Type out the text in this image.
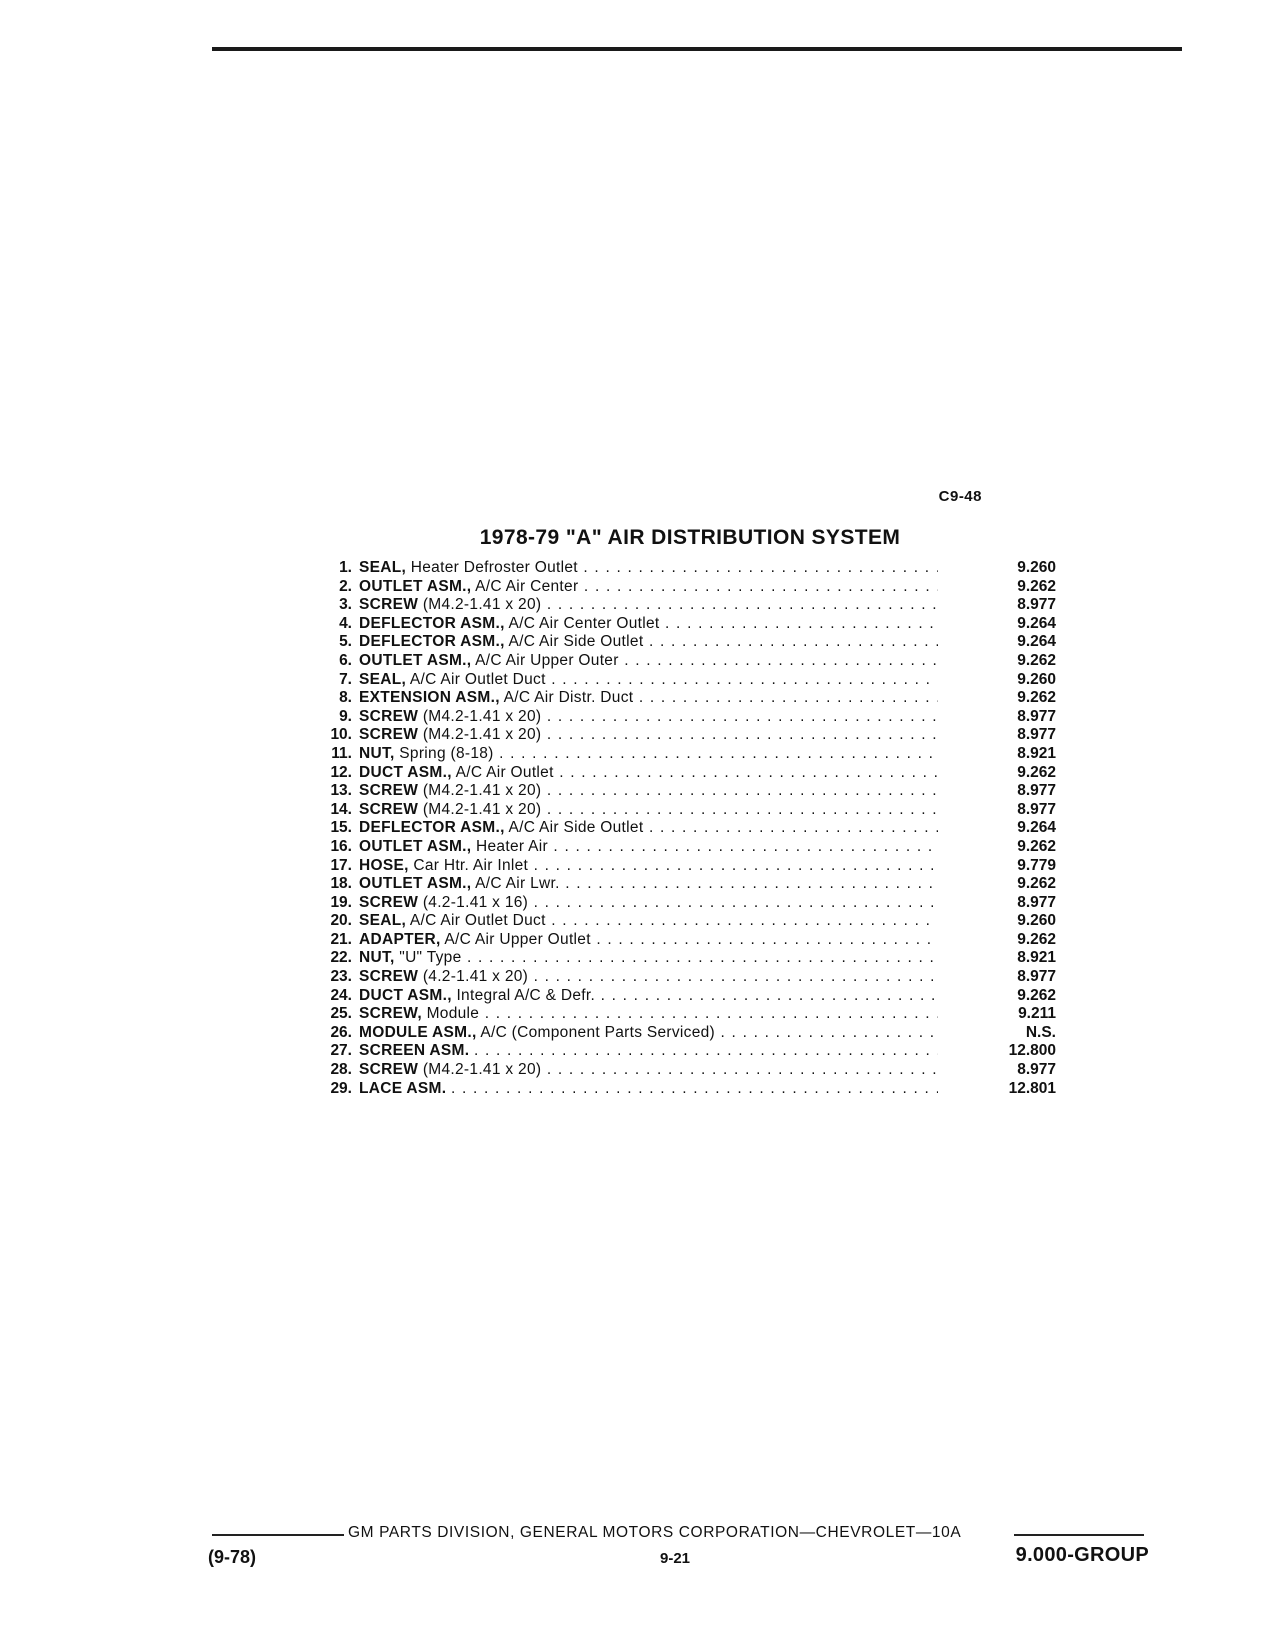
C9-48
1978-79 "A" AIR DISTRIBUTION SYSTEM
1. SEAL, Heater Defroster Outlet . . .	9.260
2. OUTLET ASM., A/C Air Center . . .	9.262
3. SCREW (M4.2-1.41 x 20) . . .	8.977
4. DEFLECTOR ASM., A/C Air Center Outlet . . .	9.264
5. DEFLECTOR ASM., A/C Air Side Outlet . . .	9.264
6. OUTLET ASM., A/C Air Upper Outer . . .	9.262
7. SEAL, A/C Air Outlet Duct . . .	9.260
8. EXTENSION ASM., A/C Air Distr. Duct . . .	9.262
9. SCREW (M4.2-1.41 x 20) . . .	8.977
10. SCREW (M4.2-1.41 x 20) . . .	8.977
11. NUT, Spring (8-18) . . .	8.921
12. DUCT ASM., A/C Air Outlet . . .	9.262
13. SCREW (M4.2-1.41 x 20) . . .	8.977
14. SCREW (M4.2-1.41 x 20) . . .	8.977
15. DEFLECTOR ASM., A/C Air Side Outlet . . .	9.264
16. OUTLET ASM., Heater Air . . .	9.262
17. HOSE, Car Htr. Air Inlet . . .	9.779
18. OUTLET ASM., A/C Air Lwr. . . .	9.262
19. SCREW (4.2-1.41 x 16) . . .	8.977
20. SEAL, A/C Air Outlet Duct . . .	9.260
21. ADAPTER, A/C Air Upper Outlet . . .	9.262
22. NUT, "U" Type . . .	8.921
23. SCREW (4.2-1.41 x 20) . . .	8.977
24. DUCT ASM., Integral A/C & Defr. . . .	9.262
25. SCREW, Module . . .	9.211
26. MODULE ASM., A/C (Component Parts Serviced) . . .	N.S.
27. SCREEN ASM. . . .	12.800
28. SCREW (M4.2-1.41 x 20) . . .	8.977
29. LACE ASM. . . .	12.801
GM PARTS DIVISION, GENERAL MOTORS CORPORATION—CHEVROLET—10A
(9-78)	9-21	9.000-GROUP
